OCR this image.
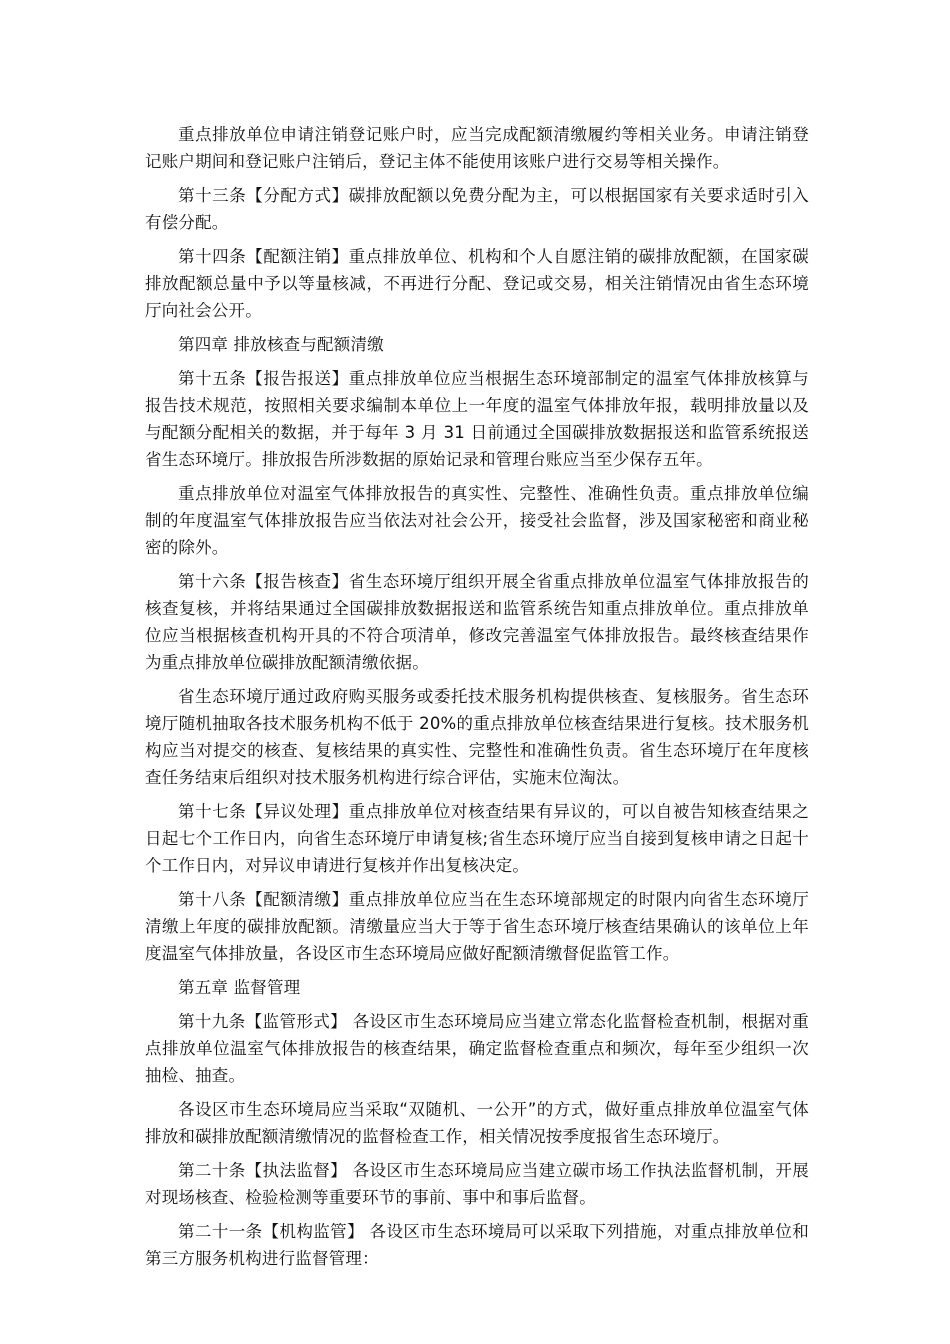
重点排放单位申请注销登记账户时，应当完成配额清缴履约等相关业务。申请注销登记账户期间和登记账户注销后，登记主体不能使用该账户进行交易等相关操作。

第十三条【分配方式】碳排放配额以免费分配为主，可以根据国家有关要求适时引入有偿分配。

第十四条【配额注销】重点排放单位、机构和个人自愿注销的碳排放配额，在国家碳排放配额总量中予以等量核减，不再进行分配、登记或交易，相关注销情况由省生态环境厅向社会公开。

第四章 排放核查与配额清缴

第十五条【报告报送】重点排放单位应当根据生态环境部制定的温室气体排放核算与报告技术规范，按照相关要求编制本单位上一年度的温室气体排放年报，载明排放量以及与配额分配相关的数据，并于每年 3 月 31 日前通过全国碳排放数据报送和监管系统报送省生态环境厅。排放报告所涉数据的原始记录和管理台账应当至少保存五年。

重点排放单位对温室气体排放报告的真实性、完整性、准确性负责。重点排放单位编制的年度温室气体排放报告应当依法对社会公开，接受社会监督，涉及国家秘密和商业秘密的除外。

第十六条【报告核查】省生态环境厅组织开展全省重点排放单位温室气体排放报告的核查复核，并将结果通过全国碳排放数据报送和监管系统告知重点排放单位。重点排放单位应当根据核查机构开具的不符合项清单，修改完善温室气体排放报告。最终核查结果作为重点排放单位碳排放配额清缴依据。

省生态环境厅通过政府购买服务或委托技术服务机构提供核查、复核服务。省生态环境厅随机抽取各技术服务机构不低于 20%的重点排放单位核查结果进行复核。技术服务机构应当对提交的核查、复核结果的真实性、完整性和准确性负责。省生态环境厅在年度核查任务结束后组织对技术服务机构进行综合评估，实施末位淘汰。

第十七条【异议处理】重点排放单位对核查结果有异议的，可以自被告知核查结果之日起七个工作日内，向省生态环境厅申请复核;省生态环境厅应当自接到复核申请之日起十个工作日内，对异议申请进行复核并作出复核决定。

第十八条【配额清缴】重点排放单位应当在生态环境部规定的时限内向省生态环境厅清缴上年度的碳排放配额。清缴量应当大于等于省生态环境厅核查结果确认的该单位上年度温室气体排放量，各设区市生态环境局应做好配额清缴督促监管工作。

第五章 监督管理

第十九条【监管形式】 各设区市生态环境局应当建立常态化监督检查机制，根据对重点排放单位温室气体排放报告的核查结果，确定监督检查重点和频次，每年至少组织一次抽检、抽查。

各设区市生态环境局应当采取“双随机、一公开”的方式，做好重点排放单位温室气体排放和碳排放配额清缴情况的监督检查工作，相关情况按季度报省生态环境厅。

第二十条【执法监督】 各设区市生态环境局应当建立碳市场工作执法监督机制，开展对现场核查、检验检测等重要环节的事前、事中和事后监督。

第二十一条【机构监管】 各设区市生态环境局可以采取下列措施，对重点排放单位和第三方服务机构进行监督管理：
